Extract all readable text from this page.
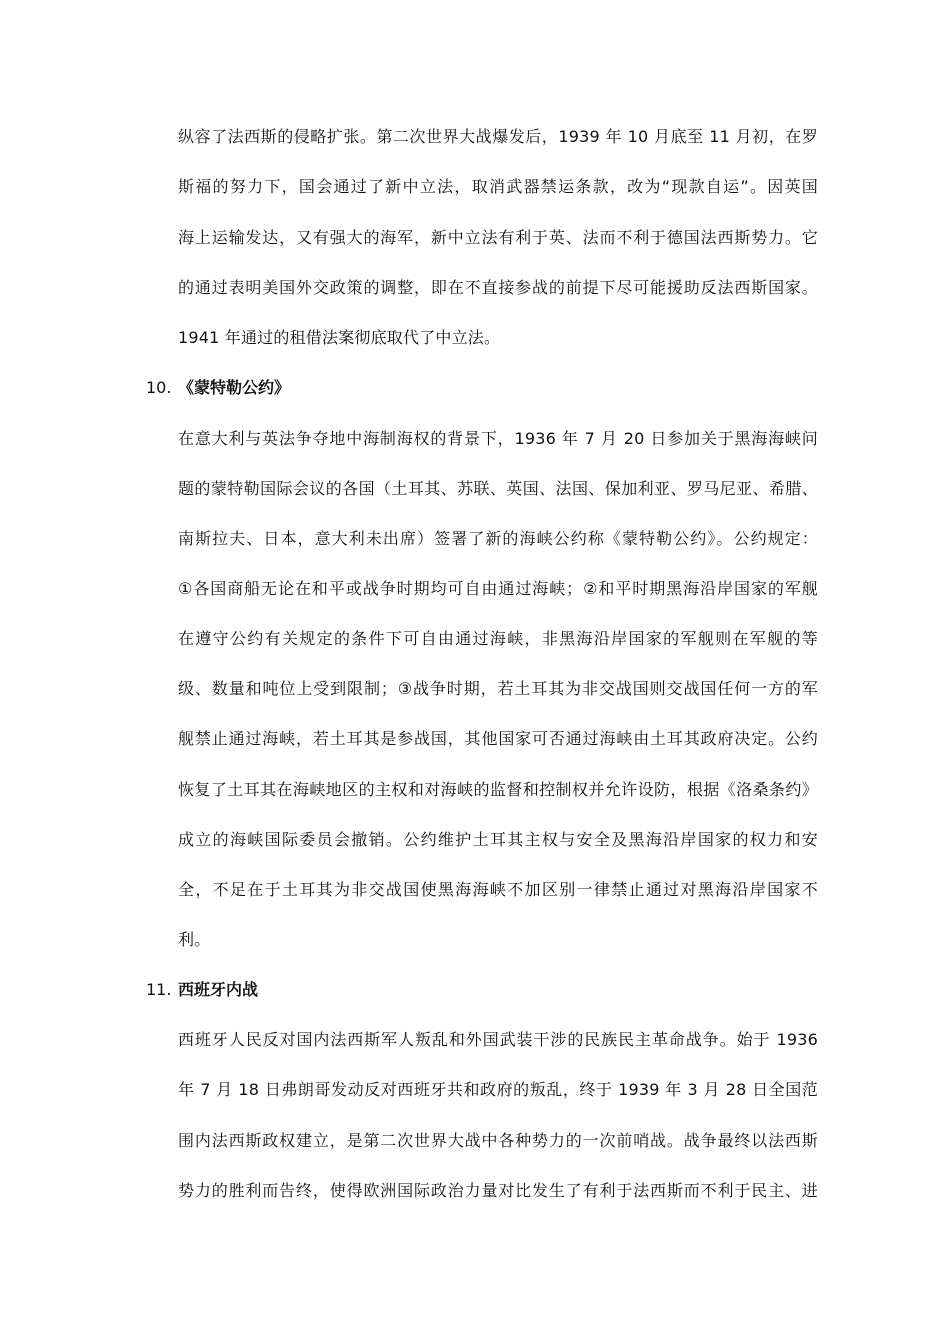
纵容了法西斯的侵略扩张。第二次世界大战爆发后，1939 年 10 月底至 11 月初，在罗
斯福的努力下，国会通过了新中立法，取消武器禁运条款，改为“现款自运”。因英国
海上运输发达，又有强大的海军，新中立法有利于英、法而不利于德国法西斯势力。它
的通过表明美国外交政策的调整，即在不直接参战的前提下尽可能援助反法西斯国家。
1941 年通过的租借法案彻底取代了中立法。
10. 《蒙特勒公约》
在意大利与英法争夺地中海制海权的背景下，1936 年 7 月 20 日参加关于黑海海峡问
题的蒙特勒国际会议的各国（土耳其、苏联、英国、法国、保加利亚、罗马尼亚、希腊、
南斯拉夫、日本，意大利未出席）签署了新的海峡公约称《蒙特勒公约》。公约规定：
①各国商船无论在和平或战争时期均可自由通过海峡；②和平时期黑海沿岸国家的军舰
在遵守公约有关规定的条件下可自由通过海峡，非黑海沿岸国家的军舰则在军舰的等
级、数量和吨位上受到限制；③战争时期，若土耳其为非交战国则交战国任何一方的军
舰禁止通过海峡，若土耳其是参战国，其他国家可否通过海峡由土耳其政府决定。公约
恢复了土耳其在海峡地区的主权和对海峡的监督和控制权并允许设防，根据《洛桑条约》
成立的海峡国际委员会撤销。公约维护土耳其主权与安全及黑海沿岸国家的权力和安
全，不足在于土耳其为非交战国使黑海海峡不加区别一律禁止通过对黑海沿岸国家不
利。
11. 西班牙内战
西班牙人民反对国内法西斯军人叛乱和外国武装干涉的民族民主革命战争。始于 1936
年 7 月 18 日弗朗哥发动反对西班牙共和政府的叛乱，终于 1939 年 3 月 28 日全国范
围内法西斯政权建立，是第二次世界大战中各种势力的一次前哨战。战争最终以法西斯
势力的胜利而告终，使得欧洲国际政治力量对比发生了有利于法西斯而不利于民主、进
